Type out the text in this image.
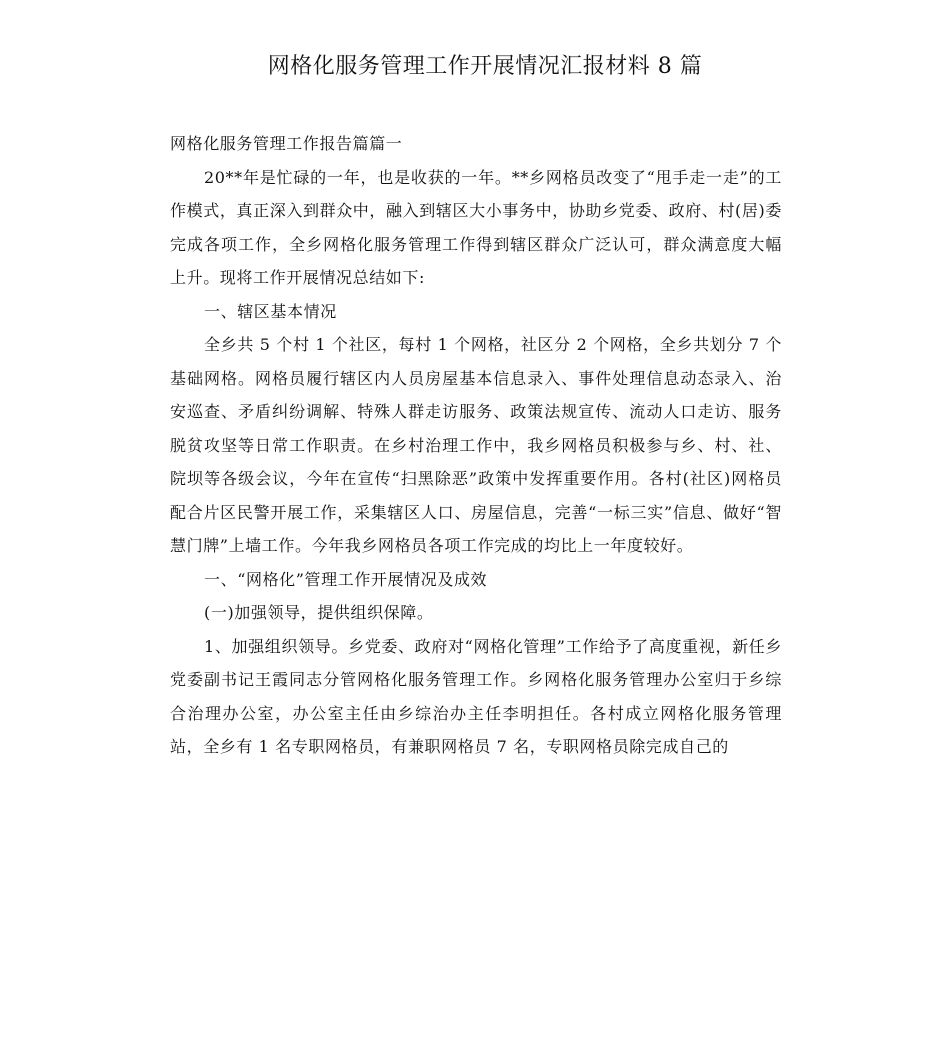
网格化服务管理工作开展情况汇报材料 8 篇

网格化服务管理工作报告篇篇一

20**年是忙碌的一年，也是收获的一年。**乡网格员改变了“甩手走一走”的工作模式，真正深入到群众中，融入到辖区大小事务中，协助乡党委、政府、村(居)委完成各项工作，全乡网格化服务管理工作得到辖区群众广泛认可，群众满意度大幅上升。现将工作开展情况总结如下:

一、辖区基本情况

全乡共 5 个村 1 个社区，每村 1 个网格，社区分 2 个网格，全乡共划分 7 个基础网格。网格员履行辖区内人员房屋基本信息录入、事件处理信息动态录入、治安巡查、矛盾纠纷调解、特殊人群走访服务、政策法规宣传、流动人口走访、服务脱贫攻坚等日常工作职责。在乡村治理工作中，我乡网格员积极参与乡、村、社、院坝等各级会议，今年在宣传“扫黑除恶”政策中发挥重要作用。各村(社区)网格员配合片区民警开展工作，采集辖区人口、房屋信息，完善“一标三实”信息、做好“智慧门牌”上墙工作。今年我乡网格员各项工作完成的均比上一年度较好。

一、“网格化”管理工作开展情况及成效

(一)加强领导，提供组织保障。

1、加强组织领导。乡党委、政府对“网格化管理”工作给予了高度重视，新任乡党委副书记王霞同志分管网格化服务管理工作。乡网格化服务管理办公室归于乡综合治理办公室，办公室主任由乡综治办主任李明担任。各村成立网格化服务管理站，全乡有 1 名专职网格员，有兼职网格员 7 名，专职网格员除完成自己的
